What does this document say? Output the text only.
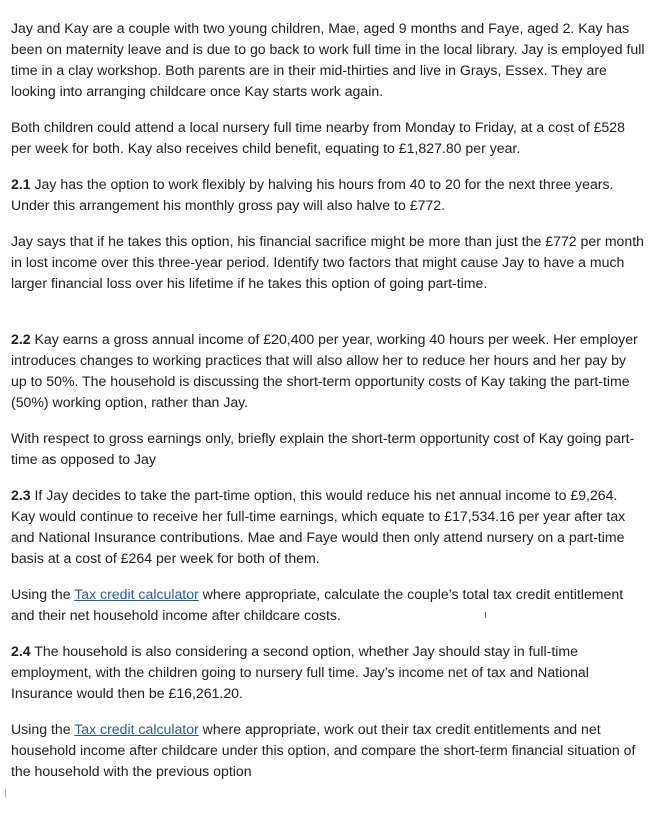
Jay and Kay are a couple with two young children, Mae, aged 9 months and Faye, aged 2. Kay has been on maternity leave and is due to go back to work full time in the local library. Jay is employed full time in a clay workshop. Both parents are in their mid-thirties and live in Grays, Essex. They are looking into arranging childcare once Kay starts work again.

Both children could attend a local nursery full time nearby from Monday to Friday, at a cost of £528 per week for both. Kay also receives child benefit, equating to £1,827.80 per year.

2.1 Jay has the option to work flexibly by halving his hours from 40 to 20 for the next three years. Under this arrangement his monthly gross pay will also halve to £772.

Jay says that if he takes this option, his financial sacrifice might be more than just the £772 per month in lost income over this three-year period. Identify two factors that might cause Jay to have a much larger financial loss over his lifetime if he takes this option of going part-time.

2.2 Kay earns a gross annual income of £20,400 per year, working 40 hours per week. Her employer introduces changes to working practices that will also allow her to reduce her hours and her pay by up to 50%. The household is discussing the short-term opportunity costs of Kay taking the part-time (50%) working option, rather than Jay.

With respect to gross earnings only, briefly explain the short-term opportunity cost of Kay going part-time as opposed to Jay

2.3 If Jay decides to take the part-time option, this would reduce his net annual income to £9,264. Kay would continue to receive her full-time earnings, which equate to £17,534.16 per year after tax and National Insurance contributions. Mae and Faye would then only attend nursery on a part-time basis at a cost of £264 per week for both of them.

Using the Tax credit calculator where appropriate, calculate the couple’s total tax credit entitlement and their net household income after childcare costs.

2.4 The household is also considering a second option, whether Jay should stay in full-time employment, with the children going to nursery full time. Jay’s income net of tax and National Insurance would then be £16,261.20.

Using the Tax credit calculator where appropriate, work out their tax credit entitlements and net household income after childcare under this option, and compare the short-term financial situation of the household with the previous option
